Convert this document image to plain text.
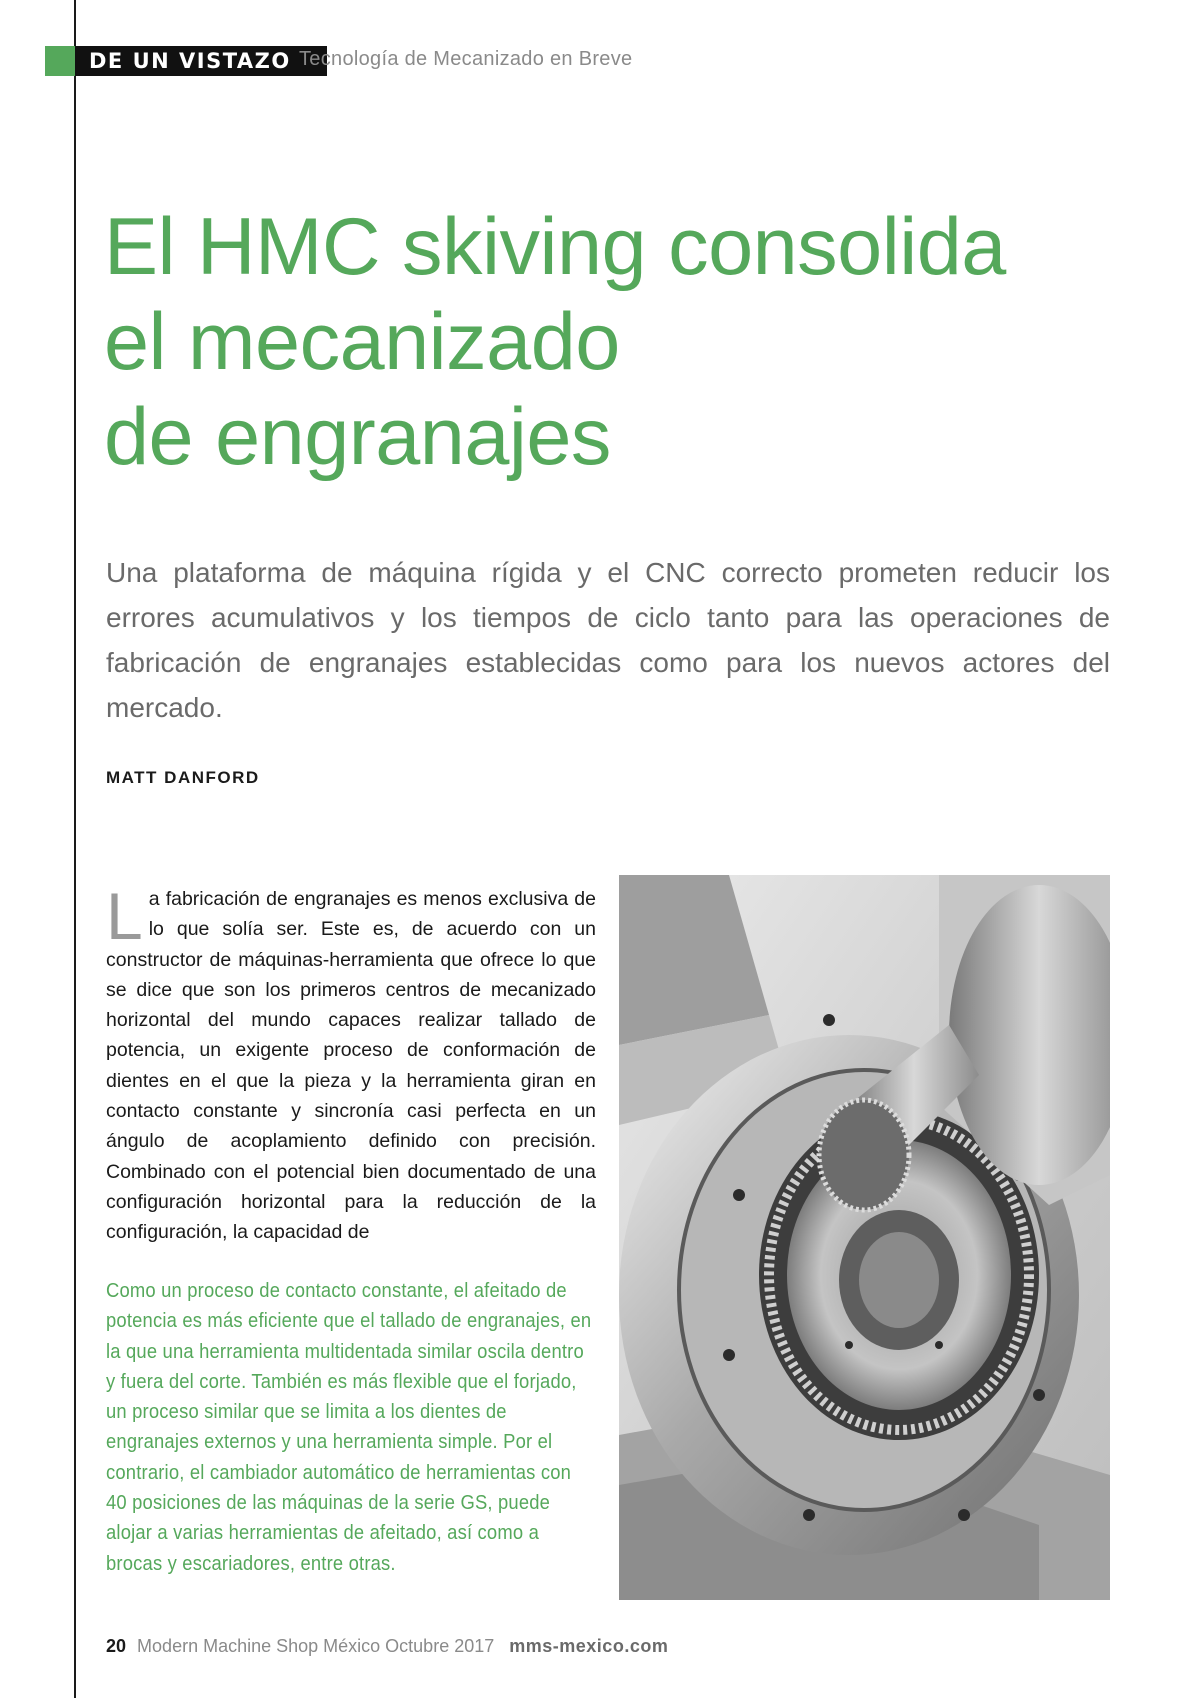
DE UN VISTAZO Tecnología de Mecanizado en Breve
El HMC skiving consolida
el mecanizado
de engranajes

Una plataforma de máquina rígida y el CNC correcto prometen reducir los errores acumulativos y los tiempos de ciclo tanto para las operaciones de fabricación de engranajes establecidas como para los nuevos actores del mercado.

MATT DANFORD

La fabricación de engranajes es menos exclusiva de lo que solía ser. Este es, de acuerdo con un constructor de máquinas-herramienta que ofrece lo que se dice que son los primeros centros de mecanizado horizontal del mundo capaces realizar tallado de potencia, un exigente proceso de conformación de dientes en el que la pieza y la herramienta giran en contacto constante y sincronía casi perfecta en un ángulo de acoplamiento definido con precisión. Combinado con el potencial bien documentado de una configuración horizontal para la reducción de la configuración, la capacidad de

Como un proceso de contacto constante, el afeitado de potencia es más eficiente que el tallado de engranajes, en la que una herramienta multidentada similar oscila dentro y fuera del corte. También es más flexible que el forjado, un proceso similar que se limita a los dientes de engranajes externos y una herramienta simple. Por el contrario, el cambiador automático de herramientas con 40 posiciones de las máquinas de la serie GS, puede alojar a varias herramientas de afeitado, así como a brocas y escariadores, entre otras.

20 Modern Machine Shop México Octubre 2017 mms-mexico.com
